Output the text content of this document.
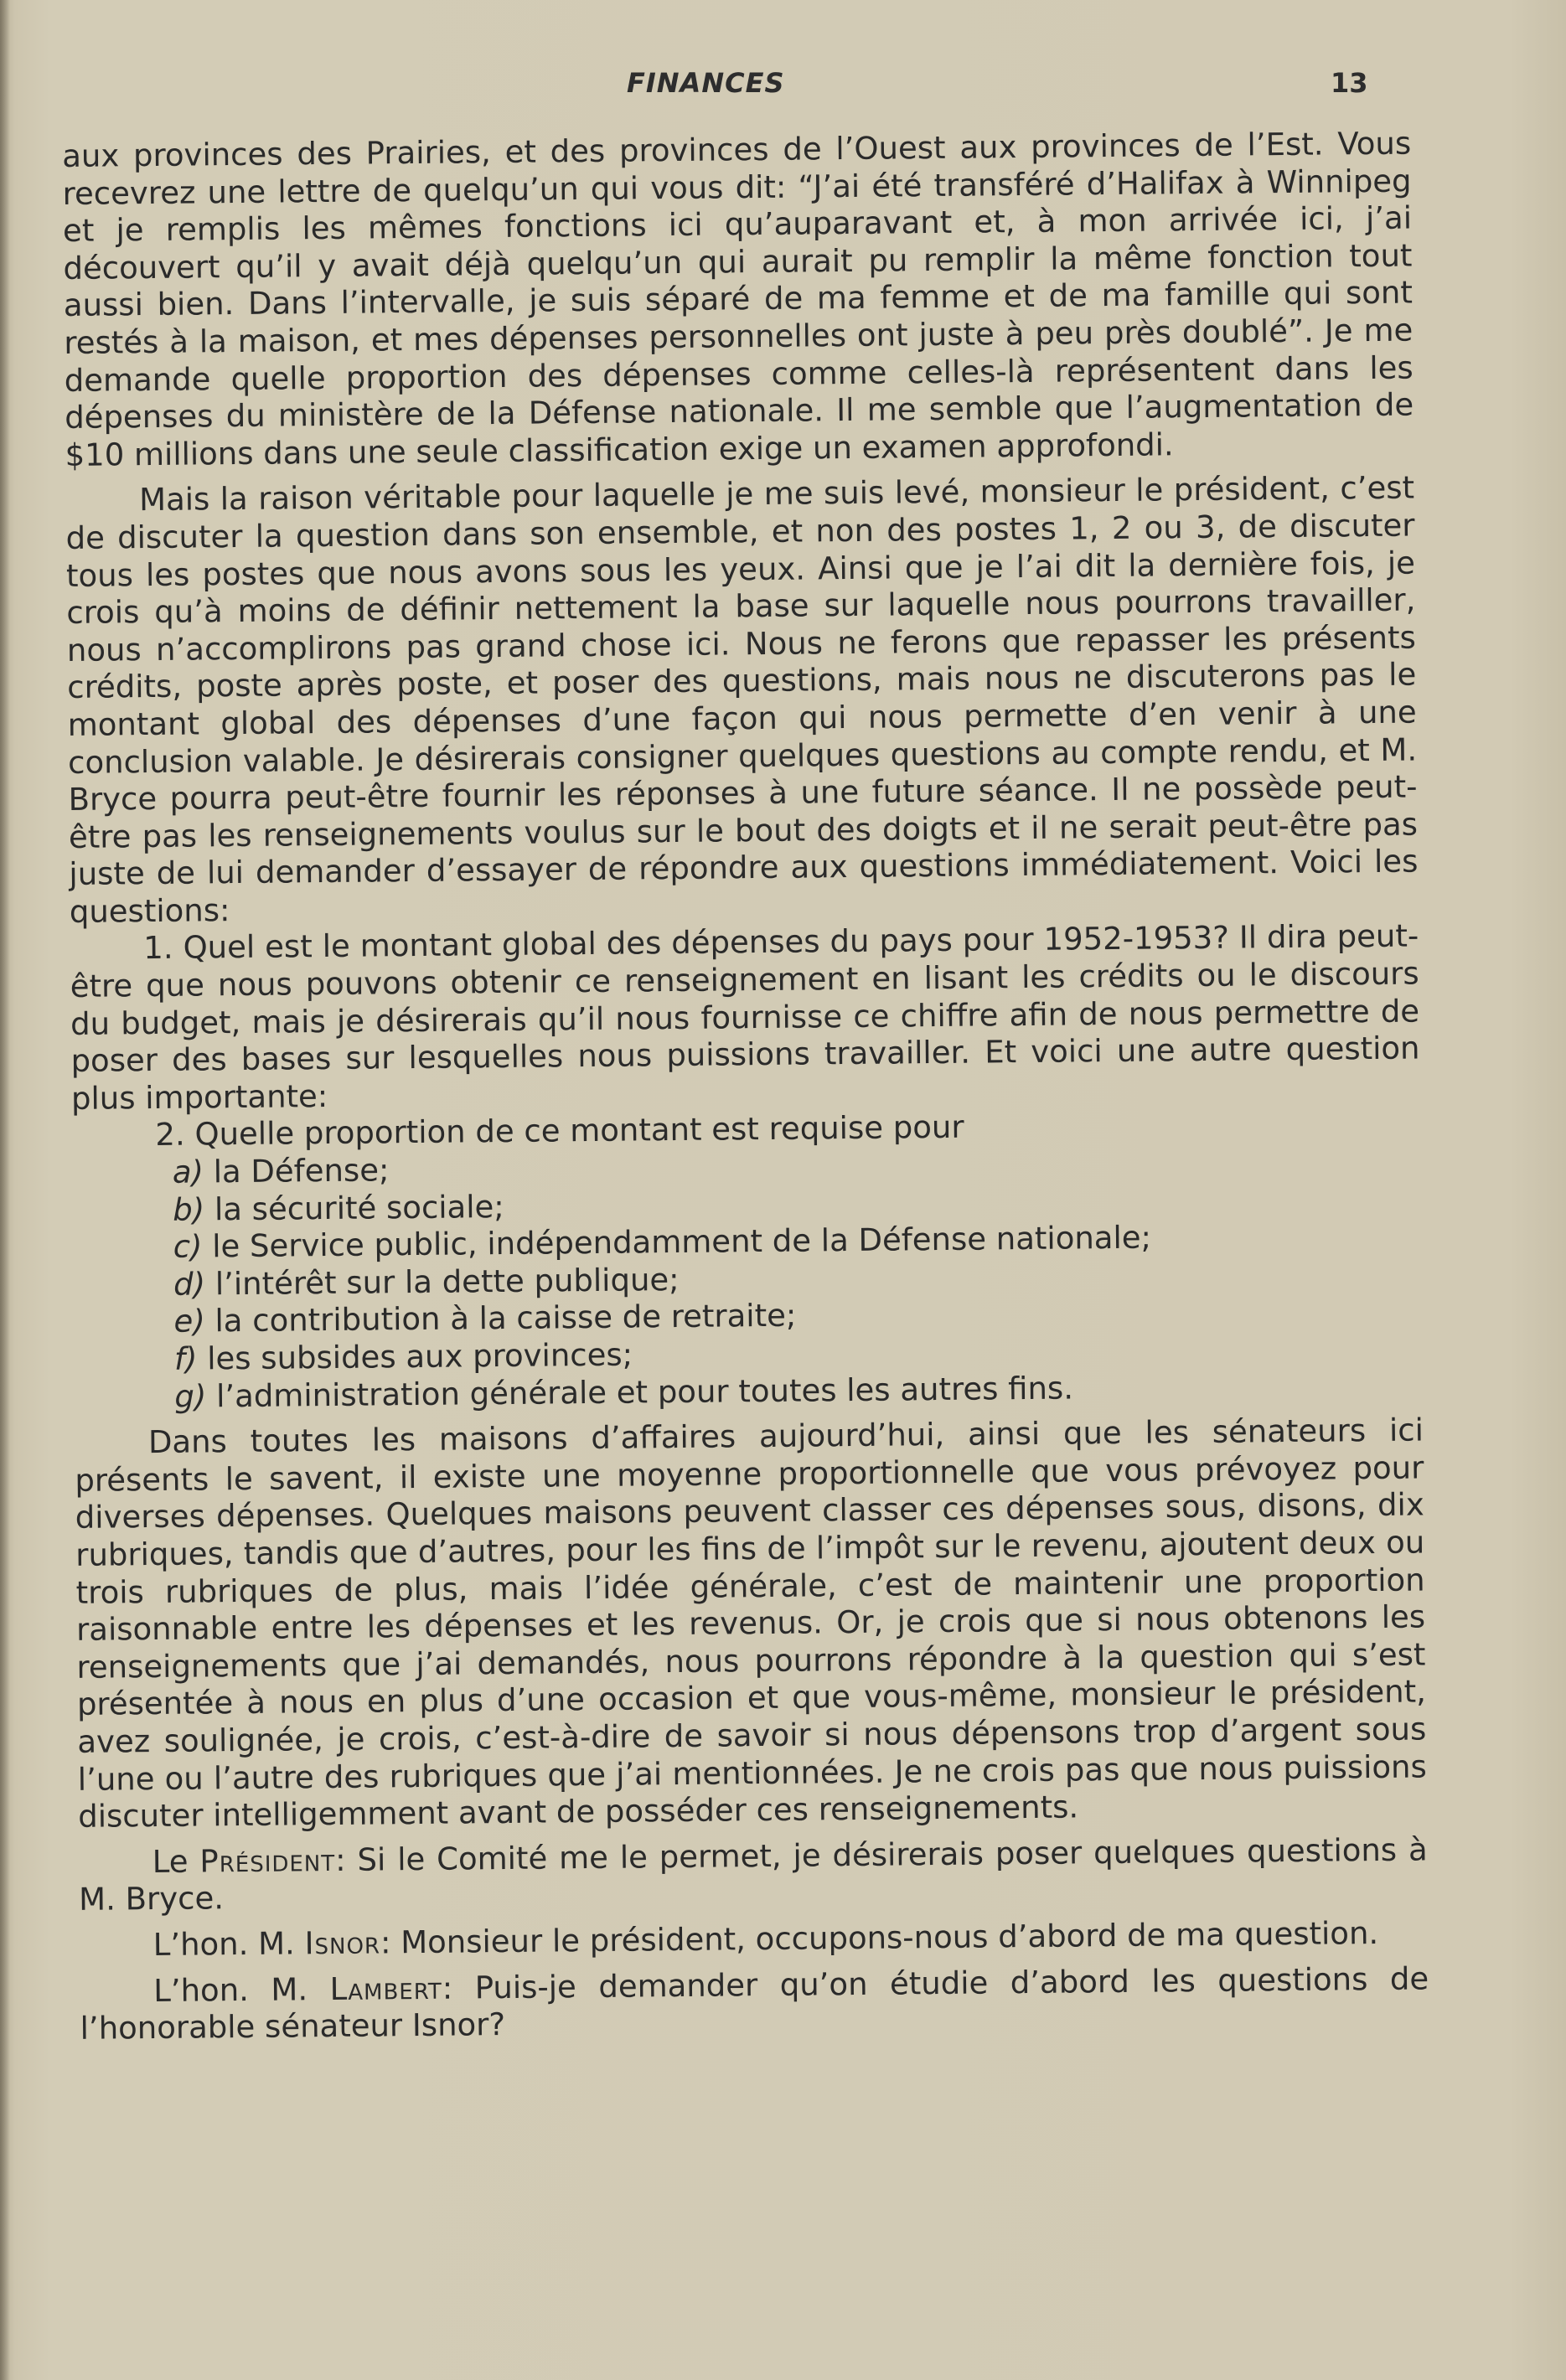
FINANCES	13

aux provinces des Prairies, et des provinces de l’Ouest aux provinces de l’Est. Vous recevrez une lettre de quelqu’un qui vous dit: “J’ai été transféré d’Halifax à Winnipeg et je remplis les mêmes fonctions ici qu’auparavant et, à mon arrivée ici, j’ai découvert qu’il y avait déjà quelqu’un qui aurait pu remplir la même fonction tout aussi bien. Dans l’intervalle, je suis séparé de ma femme et de ma famille qui sont restés à la maison, et mes dépenses personnelles ont juste à peu près doublé”. Je me demande quelle proportion des dépenses comme celles-là représentent dans les dépenses du ministère de la Défense nationale. Il me semble que l’augmentation de $10 millions dans une seule classification exige un examen approfondi.

Mais la raison véritable pour laquelle je me suis levé, monsieur le président, c’est de discuter la question dans son ensemble, et non des postes 1, 2 ou 3, de discuter tous les postes que nous avons sous les yeux. Ainsi que je l’ai dit la dernière fois, je crois qu’à moins de définir nettement la base sur laquelle nous pourrons travailler, nous n’accomplirons pas grand chose ici. Nous ne ferons que repasser les présents crédits, poste après poste, et poser des questions, mais nous ne discuterons pas le montant global des dépenses d’une façon qui nous permette d’en venir à une conclusion valable. Je désirerais consigner quelques questions au compte rendu, et M. Bryce pourra peut-être fournir les réponses à une future séance. Il ne possède peut-être pas les renseignements voulus sur le bout des doigts et il ne serait peut-être pas juste de lui demander d’essayer de répondre aux questions immédiatement. Voici les questions:

1. Quel est le montant global des dépenses du pays pour 1952-1953? Il dira peut-être que nous pouvons obtenir ce renseignement en lisant les crédits ou le discours du budget, mais je désirerais qu’il nous fournisse ce chiffre afin de nous permettre de poser des bases sur lesquelles nous puissions travailler. Et voici une autre question plus importante:

2. Quelle proportion de ce montant est requise pour

a) la Défense;
b) la sécurité sociale;
c) le Service public, indépendamment de la Défense nationale;
d) l’intérêt sur la dette publique;
e) la contribution à la caisse de retraite;
f) les subsides aux provinces;
g) l’administration générale et pour toutes les autres fins.

Dans toutes les maisons d’affaires aujourd’hui, ainsi que les sénateurs ici présents le savent, il existe une moyenne proportionnelle que vous prévoyez pour diverses dépenses. Quelques maisons peuvent classer ces dépenses sous, disons, dix rubriques, tandis que d’autres, pour les fins de l’impôt sur le revenu, ajoutent deux ou trois rubriques de plus, mais l’idée générale, c’est de maintenir une proportion raisonnable entre les dépenses et les revenus. Or, je crois que si nous obtenons les renseignements que j’ai demandés, nous pourrons répondre à la question qui s’est présentée à nous en plus d’une occasion et que vous-même, monsieur le président, avez soulignée, je crois, c’est-à-dire de savoir si nous dépensons trop d’argent sous l’une ou l’autre des rubriques que j’ai mentionnées. Je ne crois pas que nous puissions discuter intelligemment avant de posséder ces renseignements.

Le Président: Si le Comité me le permet, je désirerais poser quelques questions à M. Bryce.

L’hon. M. Isnor: Monsieur le président, occupons-nous d’abord de ma question.

L’hon. M. Lambert: Puis-je demander qu’on étudie d’abord les questions de l’honorable sénateur Isnor?
